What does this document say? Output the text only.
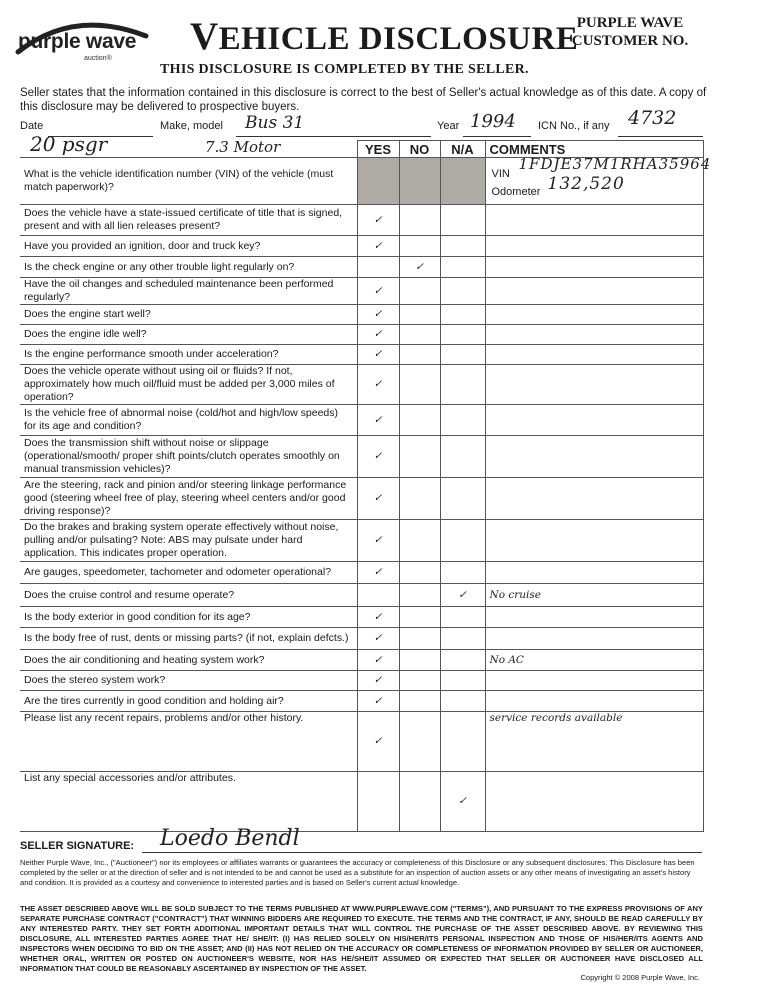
purple wave
auction®
VEHICLE DISCLOSURE
PURPLE WAVE CUSTOMER NO.
THIS DISCLOSURE IS COMPLETED BY THE SELLER.
Seller states that the information contained in this disclosure is correct to the best of Seller's actual knowledge as of this date. A copy of this disclosure may be delivered to prospective buyers.
Date	Make, model Bus 31	Year 1994 ICN No., if any 4732
20 psgr 7.3 Motor	YES	NO	N/A	COMMENTS
What is the vehicle identification number (VIN) of the vehicle (must match paperwork)?				VIN
1FDJE37M1RHA35964
Odometer 132,520

Does the vehicle have a state-issued certificate of title that is signed, present and with all lien releases present?	✓			
Have you provided an ignition, door and truck key?	✓			
Is the check engine or any other trouble light regularly on?		✓		
Have the oil changes and scheduled maintenance been performed regularly?	✓			
Does the engine start well?	✓			
Does the engine idle well?	✓			
Is the engine performance smooth under acceleration?	✓			
Does the vehicle operate without using oil or fluids? If not, approximately how much oil/fluid must be added per 3,000 miles of operation?	✓			
Is the vehicle free of abnormal noise (cold/hot and high/low speeds) for its age and condition?	✓			
Does the transmission shift without noise or slippage (operational/smooth/ proper shift points/clutch operates smoothly on manual transmission vehicles)?	✓			
Are the steering, rack and pinion and/or steering linkage performance good (steering wheel free of play, steering wheel centers and/or good driving response)?	✓			
Do the brakes and braking system operate effectively without noise, pulling and/or pulsating? Note: ABS may pulsate under hard application. This indicates proper operation.	✓			
Are gauges, speedometer, tachometer and odometer operational?	✓			
Does the cruise control and resume operate?			✓	No cruise
Is the body exterior in good condition for its age?	✓			
Is the body free of rust, dents or missing parts? (if not, explain defcts.)	✓			
Does the air conditioning and heating system work?	✓			No AC
Does the stereo system work?	✓			
Are the tires currently in good condition and holding air?	✓			
Please list any recent repairs, problems and/or other history.	✓			service records available
List any special accessories and/or attributes.			✓	
SELLER SIGNATURE: Loedo Bendl
Neither Purple Wave, Inc., ("Auctioneer") nor its employees or affiliates warrants or guarantees the accuracy or completeness of this Disclosure or any subsequent disclosures. This Disclosure has been completed by the seller or at the direction of seller and is not intended to be and cannot be used as a substitute for an inspection of auction assets or any other means of investigating an asset's history and condition. It is provided as a courtesy and convenience to interested parties and is based on Seller's current actual knowledge.
THE ASSET DESCRIBED ABOVE WILL BE SOLD SUBJECT TO THE TERMS PUBLISHED AT WWW.PURPLEWAVE.COM ("TERMS"), AND PURSUANT TO THE EXPRESS PROVISIONS OF ANY SEPARATE PURCHASE CONTRACT ("CONTRACT") THAT WINNING BIDDERS ARE REQUIRED TO EXECUTE. THE TERMS AND THE CONTRACT, IF ANY, SHOULD BE READ CAREFULLY BY ANY INTERESTED PARTY. THEY SET FORTH ADDITIONAL IMPORTANT DETAILS THAT WILL CONTROL THE PURCHASE OF THE ASSET DESCRIBED ABOVE. BY REVIEWING THIS DISCLOSURE, ALL INTERESTED PARTIES AGREE THAT HE/ SHE/IT: (I) HAS RELIED SOLELY ON HIS/HER/ITS PERSONAL INSPECTION AND THOSE OF HIS/HER/ITS AGENTS AND INSPECTORS WHEN DECIDING TO BID ON THE ASSET; AND (II) HAS NOT RELIED ON THE ACCURACY OR COMPLETENESS OF INFORMATION PROVIDED BY SELLER OR AUCTIONEER, WHETHER ORAL, WRITTEN OR POSTED ON AUCTIONEER'S WEBSITE, NOR HAS HE/SHE/IT ASSUMED OR EXPECTED THAT SELLER OR AUCTIONEER HAVE DISCLOSED ALL INFORMATION THAT COULD BE REASONABLY ASCERTAINED BY INSPECTION OF THE ASSET.
Copyright © 2008 Purple Wave, Inc.
